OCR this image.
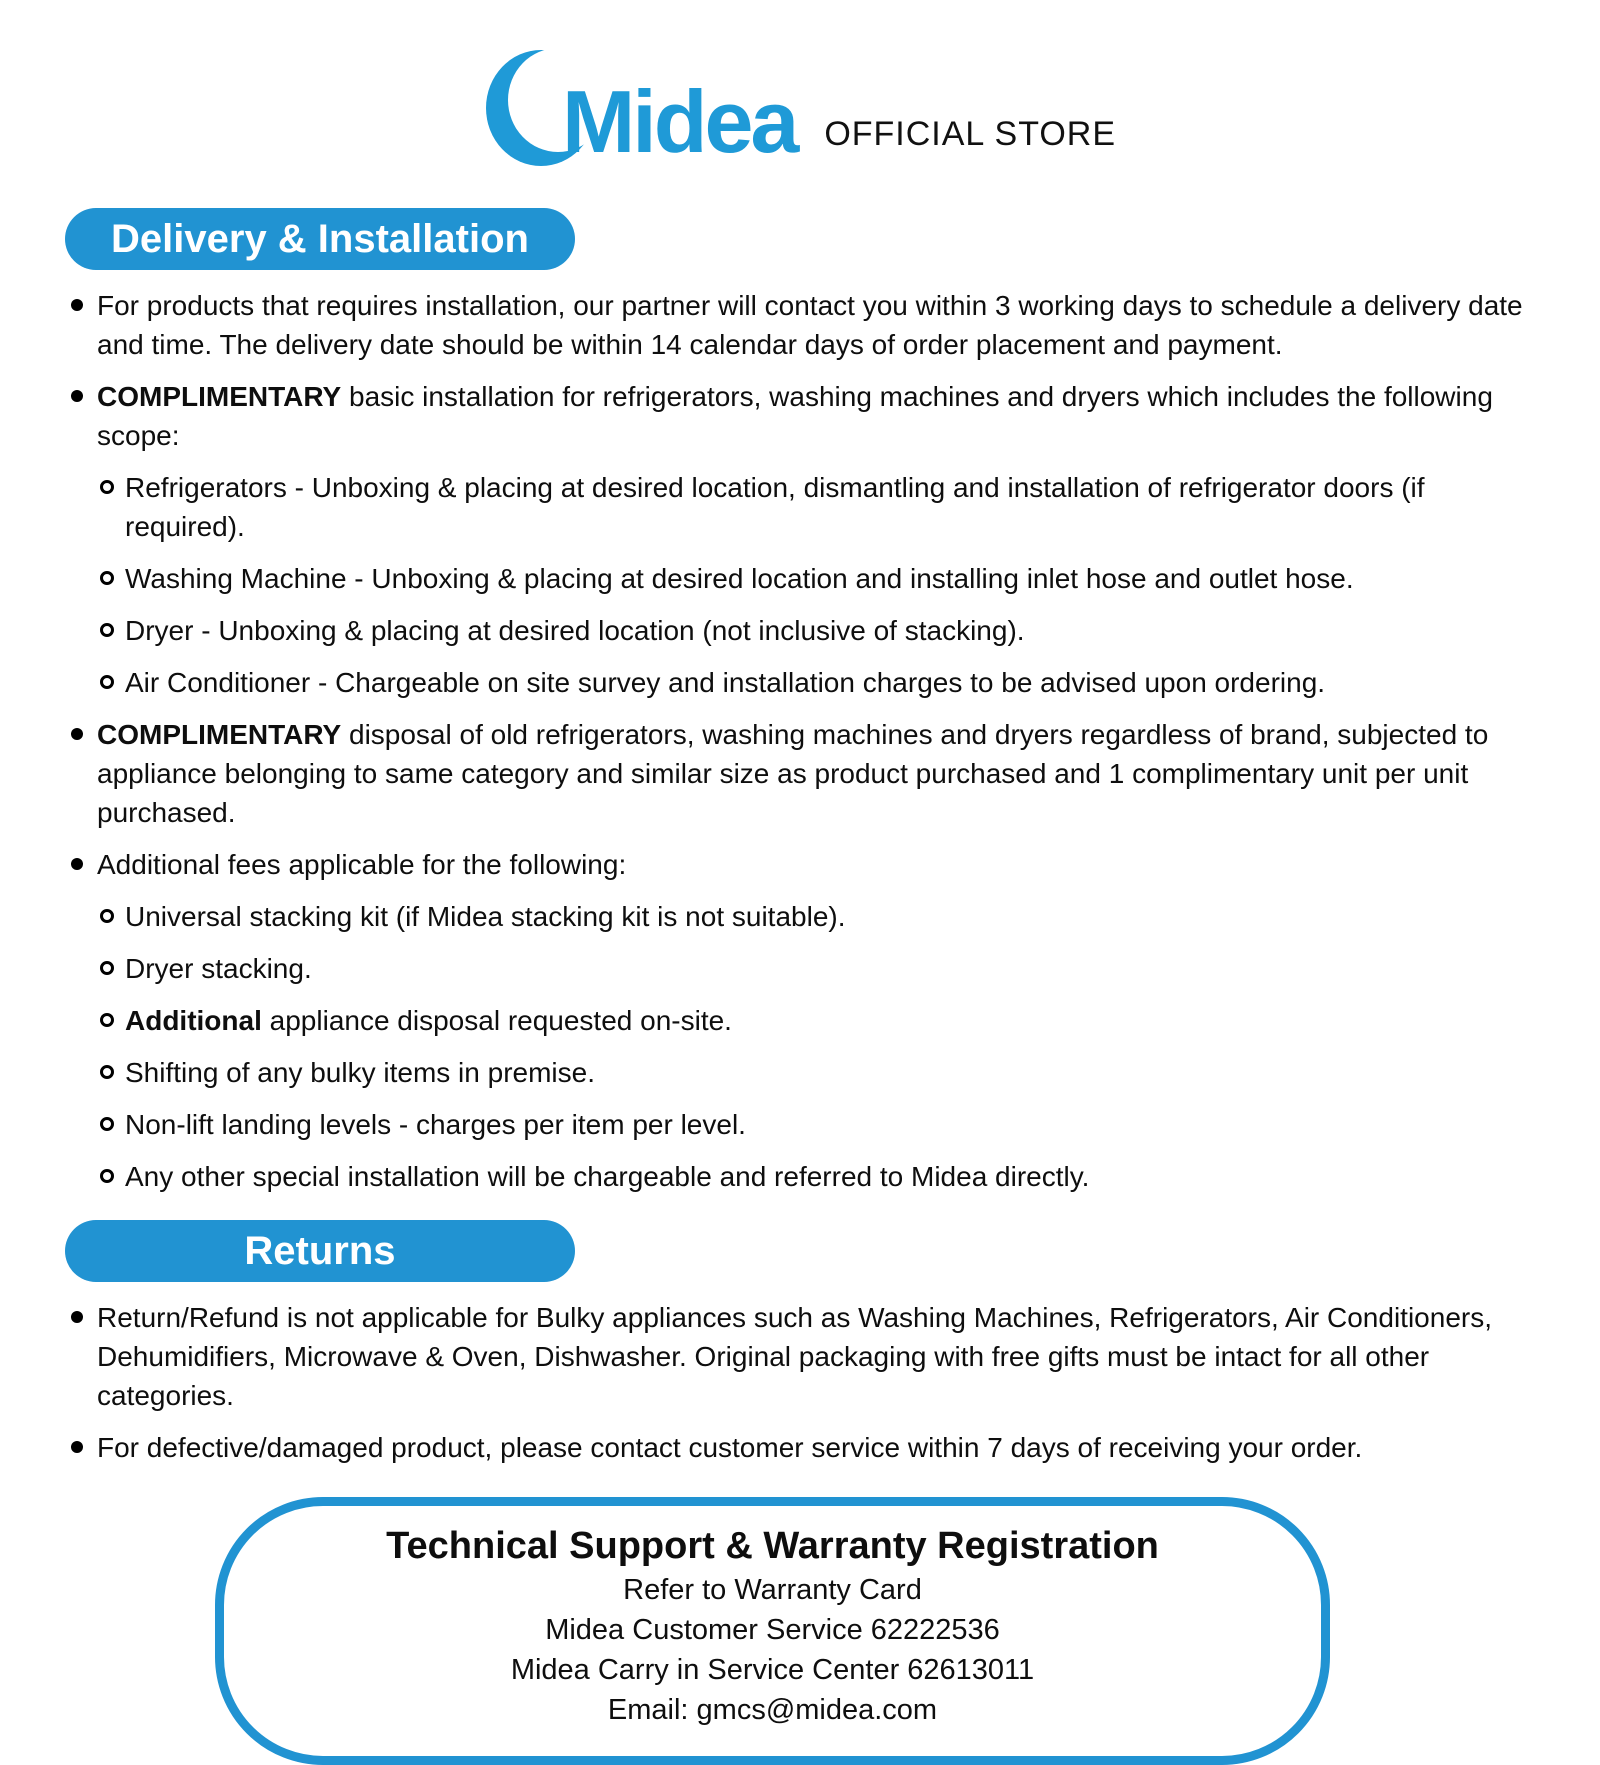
Midea OFFICIAL STORE
Delivery & Installation
For products that requires installation, our partner will contact you within 3 working days to schedule a delivery date and time. The delivery date should be within 14 calendar days of order placement and payment.
COMPLIMENTARY basic installation for refrigerators, washing machines and dryers which includes the following scope:
Refrigerators - Unboxing & placing at desired location, dismantling and installation of refrigerator doors (if required).
Washing Machine - Unboxing & placing at desired location and installing inlet hose and outlet hose.
Dryer - Unboxing & placing at desired location (not inclusive of stacking).
Air Conditioner - Chargeable on site survey and installation charges to be advised upon ordering.
COMPLIMENTARY disposal of old refrigerators, washing machines and dryers regardless of brand, subjected to appliance belonging to same category and similar size as product purchased and 1 complimentary unit per unit purchased.
Additional fees applicable for the following:
Universal stacking kit (if Midea stacking kit is not suitable).
Dryer stacking.
Additional appliance disposal requested on-site.
Shifting of any bulky items in premise.
Non-lift landing levels - charges per item per level.
Any other special installation will be chargeable and referred to Midea directly.
Returns
Return/Refund is not applicable for Bulky appliances such as Washing Machines, Refrigerators, Air Conditioners, Dehumidifiers, Microwave & Oven, Dishwasher. Original packaging with free gifts must be intact for all other categories.
For defective/damaged product, please contact customer service within 7 days of receiving your order.
Technical Support & Warranty Registration
Refer to Warranty Card
Midea Customer Service 62222536
Midea Carry in Service Center 62613011
Email: gmcs@midea.com
